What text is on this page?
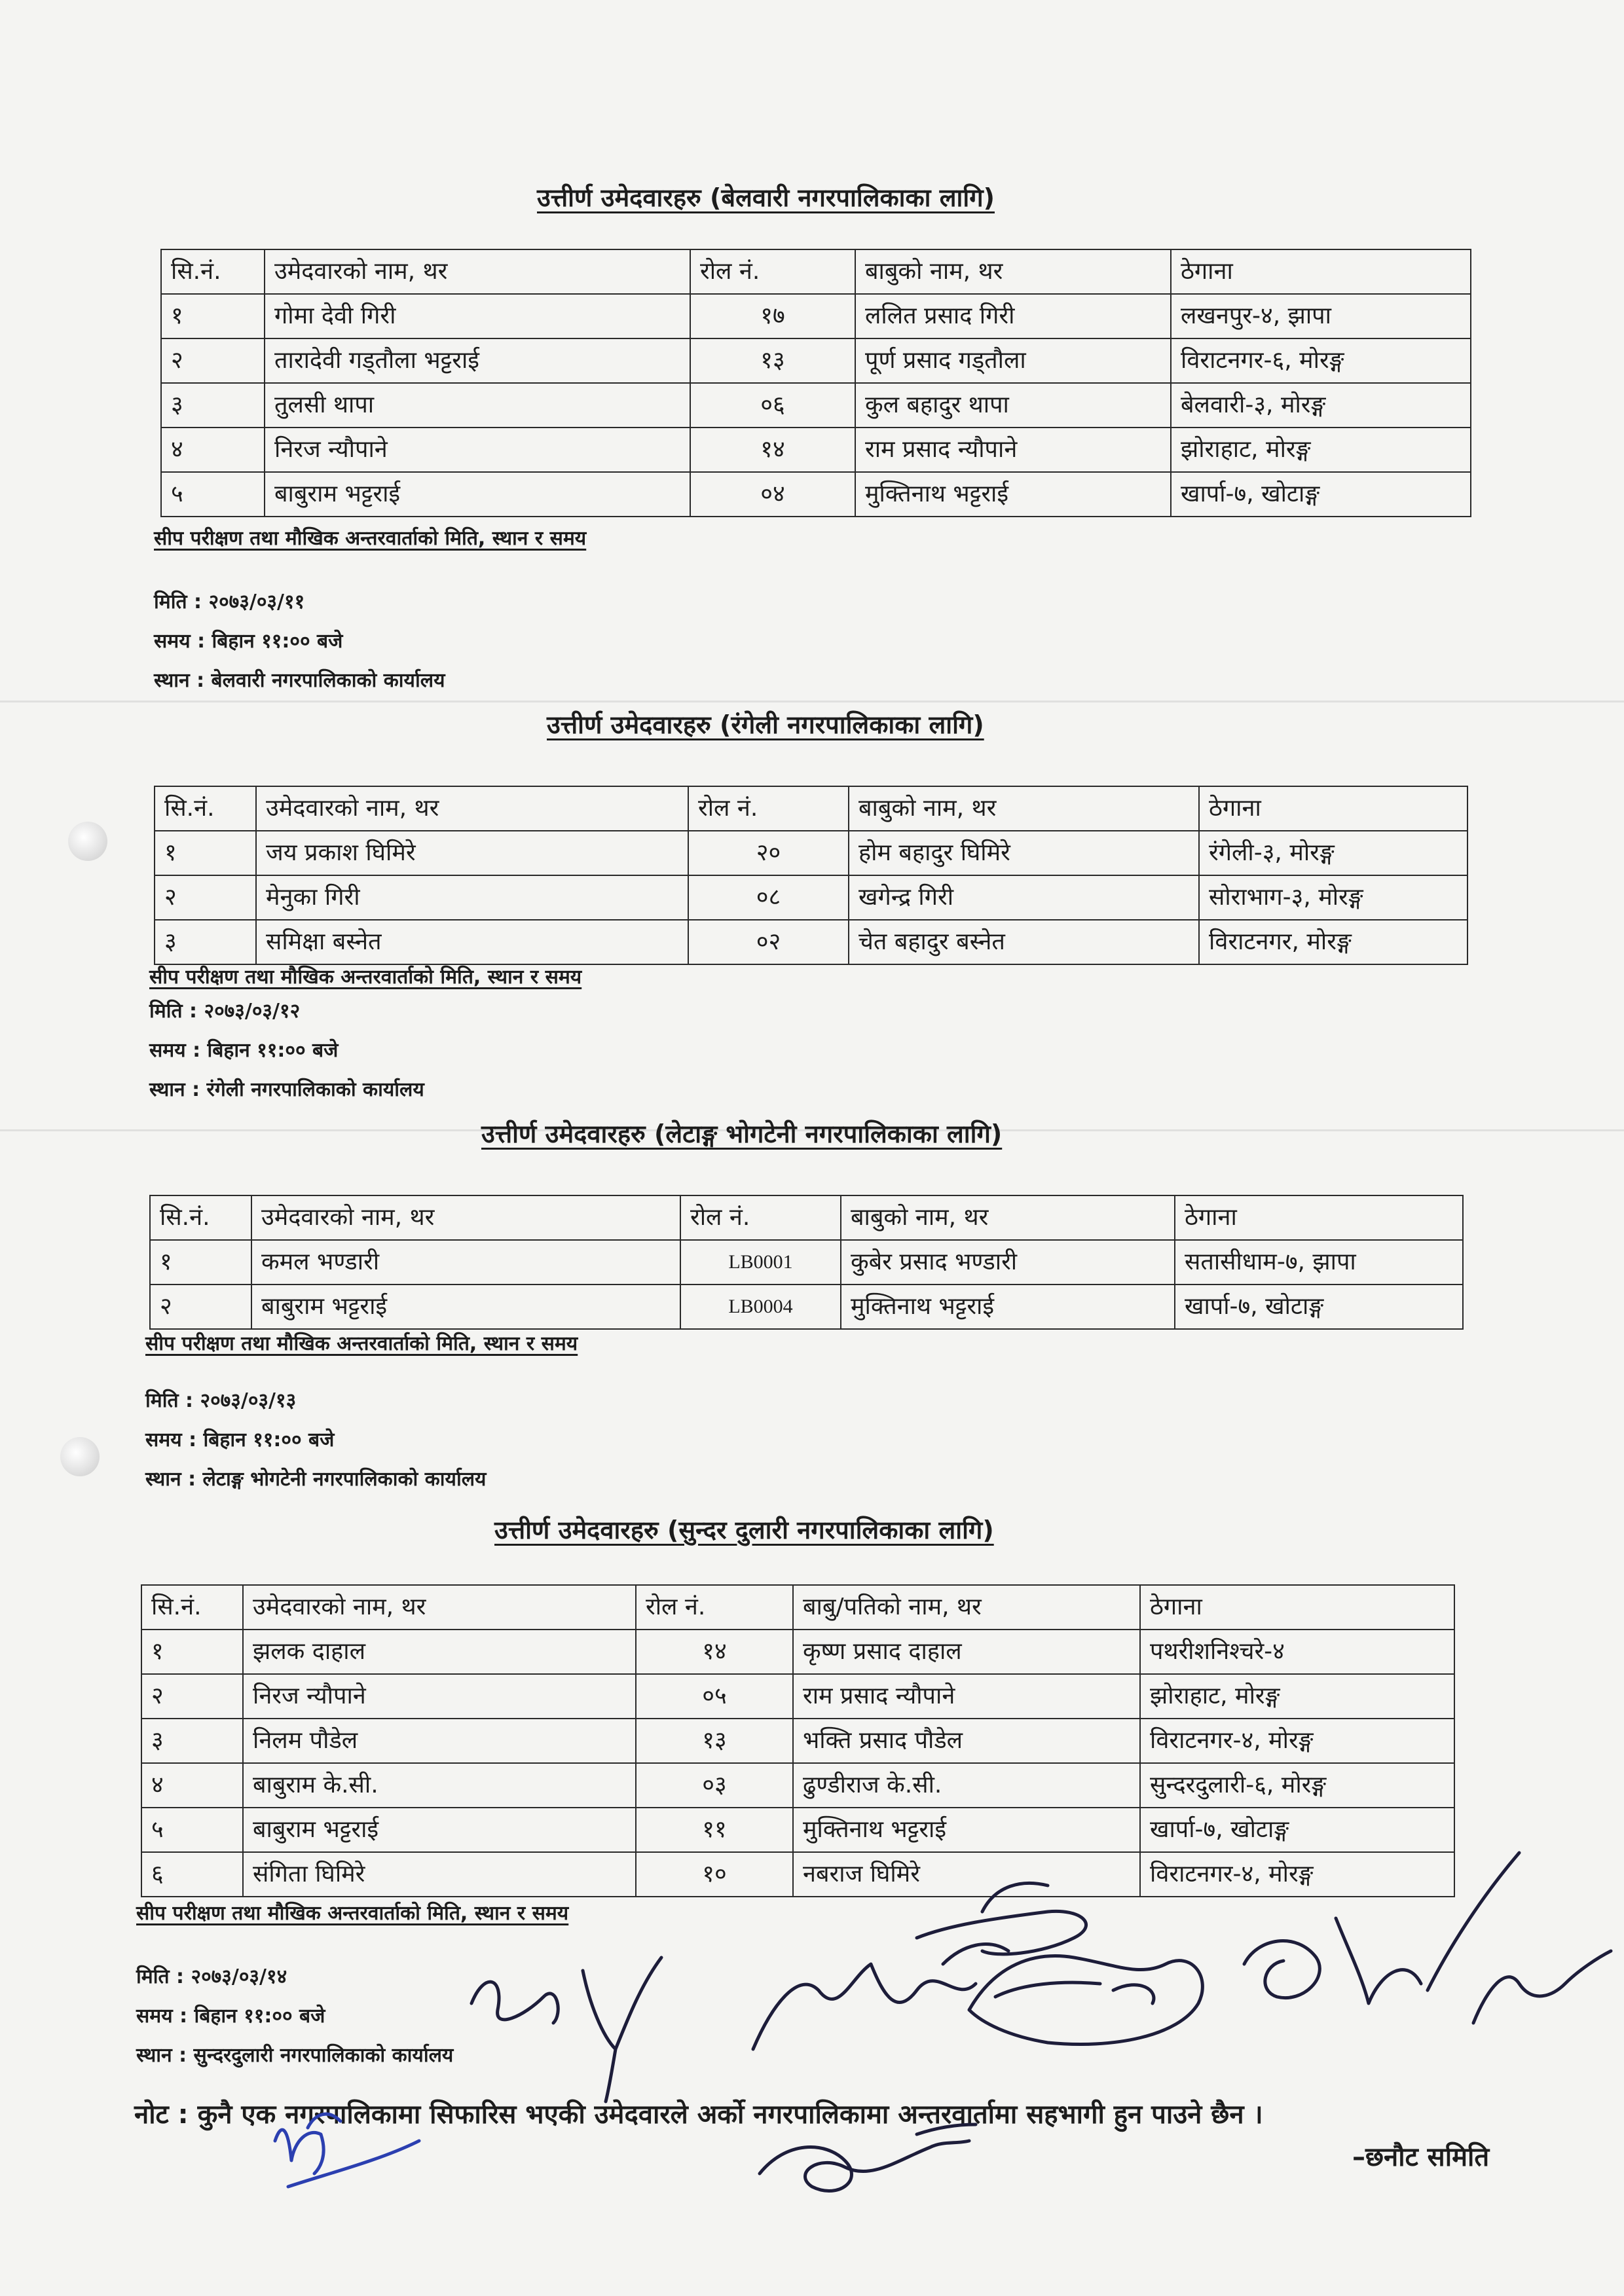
उत्तीर्ण उमेदवारहरु (बेलवारी नगरपालिकाका लागि)
सि.नं.	उमेदवारको नाम, थर	रोल नं.	बाबुको नाम, थर	ठेगाना
१	गोमा देवी गिरी	१७	ललित प्रसाद गिरी	लखनपुर-४, झापा
२	तारादेवी गड्तौला भट्टराई	१३	पूर्ण प्रसाद गड्तौला	विराटनगर-६, मोरङ्ग
३	तुलसी थापा	०६	कुल बहादुर थापा	बेलवारी-३, मोरङ्ग
४	निरज न्यौपाने	१४	राम प्रसाद न्यौपाने	झोराहाट, मोरङ्ग
५	बाबुराम भट्टराई	०४	मुक्तिनाथ भट्टराई	खार्पा-७, खोटाङ्ग
सीप परीक्षण तथा मौखिक अन्तरवार्ताको मिति, स्थान र समय
मिति : २०७३/०३/११
समय : बिहान ११:०० बजे
स्थान : बेलवारी नगरपालिकाको कार्यालय
उत्तीर्ण उमेदवारहरु (रंगेली नगरपालिकाका लागि)
सि.नं.	उमेदवारको नाम, थर	रोल नं.	बाबुको नाम, थर	ठेगाना
१	जय प्रकाश घिमिरे	२०	होम बहादुर घिमिरे	रंगेली-३, मोरङ्ग
२	मेनुका गिरी	०८	खगेन्द्र गिरी	सोराभाग-३, मोरङ्ग
३	समिक्षा बस्नेत	०२	चेत बहादुर बस्नेत	विराटनगर, मोरङ्ग
सीप परीक्षण तथा मौखिक अन्तरवार्ताको मिति, स्थान र समय
मिति : २०७३/०३/१२
समय : बिहान ११:०० बजे
स्थान : रंगेली नगरपालिकाको कार्यालय
उत्तीर्ण उमेदवारहरु (लेटाङ्ग भोगटेनी नगरपालिकाका लागि)
सि.नं.	उमेदवारको नाम, थर	रोल नं.	बाबुको नाम, थर	ठेगाना
१	कमल भण्डारी	LB0001	कुबेर प्रसाद भण्डारी	सतासीधाम-७, झापा
२	बाबुराम भट्टराई	LB0004	मुक्तिनाथ भट्टराई	खार्पा-७, खोटाङ्ग
सीप परीक्षण तथा मौखिक अन्तरवार्ताको मिति, स्थान र समय
मिति : २०७३/०३/१३
समय : बिहान ११:०० बजे
स्थान : लेटाङ्ग भोगटेनी नगरपालिकाको कार्यालय
उत्तीर्ण उमेदवारहरु (सुन्दर दुलारी नगरपालिकाका लागि)
सि.नं.	उमेदवारको नाम, थर	रोल नं.	बाबु/पतिको नाम, थर	ठेगाना
१	झलक दाहाल	१४	कृष्ण प्रसाद दाहाल	पथरीशनिश्चरे-४
२	निरज न्यौपाने	०५	राम प्रसाद न्यौपाने	झोराहाट, मोरङ्ग
३	निलम पौडेल	१३	भक्ति प्रसाद पौडेल	विराटनगर-४, मोरङ्ग
४	बाबुराम के.सी.	०३	ढुण्डीराज के.सी.	सुन्दरदुलारी-६, मोरङ्ग
५	बाबुराम भट्टराई	११	मुक्तिनाथ भट्टराई	खार्पा-७, खोटाङ्ग
६	संगिता घिमिरे	१०	नबराज घिमिरे	विराटनगर-४, मोरङ्ग
सीप परीक्षण तथा मौखिक अन्तरवार्ताको मिति, स्थान र समय
मिति : २०७३/०३/१४
समय : बिहान ११:०० बजे
स्थान : सुन्दरदुलारी नगरपालिकाको कार्यालय
नोट : कुनै एक नगरपालिकामा सिफारिस भएकी उमेदवारले अर्को नगरपालिकामा अन्तरवार्तामा सहभागी हुन पाउने छैन ।
–छनौट समिति
